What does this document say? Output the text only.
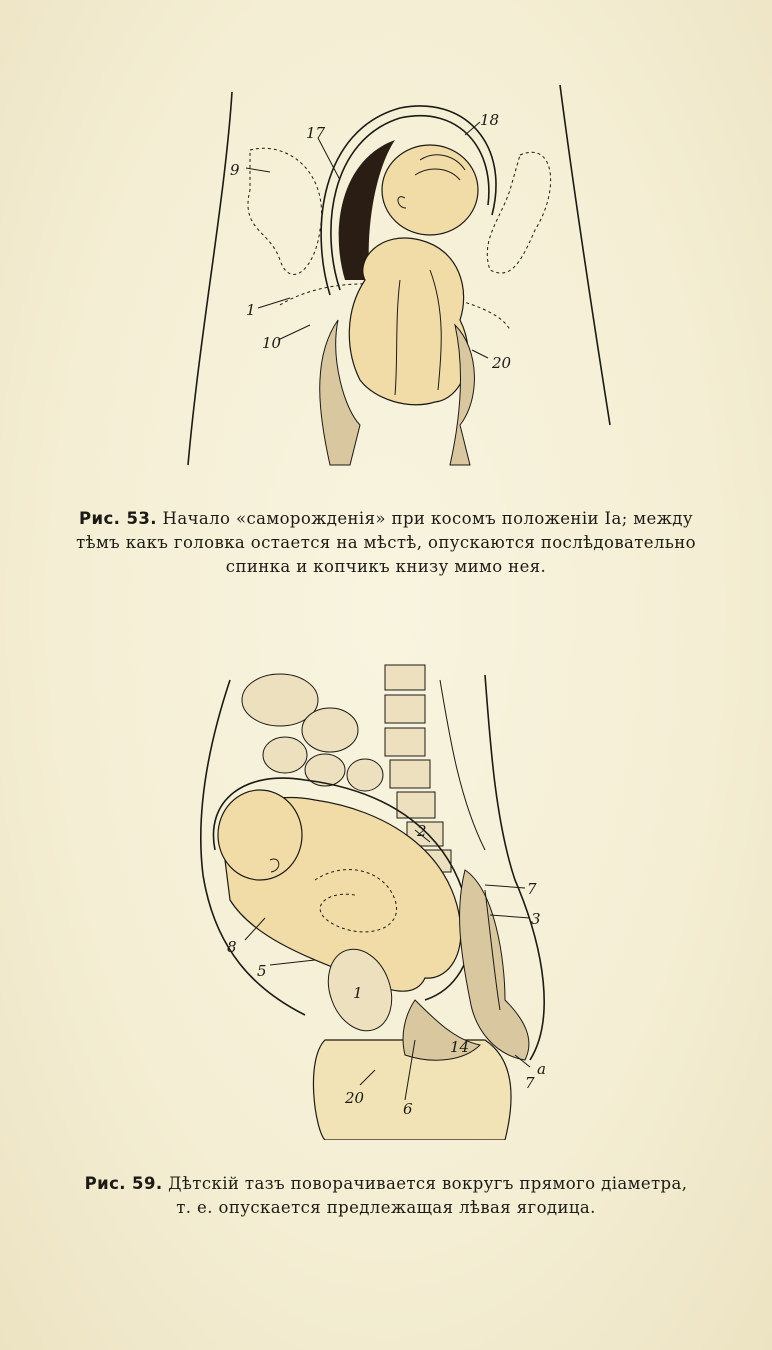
17
18
9
1
10
20
Рис. 53. Начало «саморожденія» при косомъ положеніи Iа; между
тѣмъ какъ головка остается на мѣстѣ, опускаются послѣдовательно
спинка и копчикъ книзу мимо нея.
2
7
3
8
5
1
14
a
7
20
6
Рис. 59. Дѣтскій тазъ поворачивается вокругъ прямого діаметра,
т. е. опускается предлежащая лѣвая ягодица.
